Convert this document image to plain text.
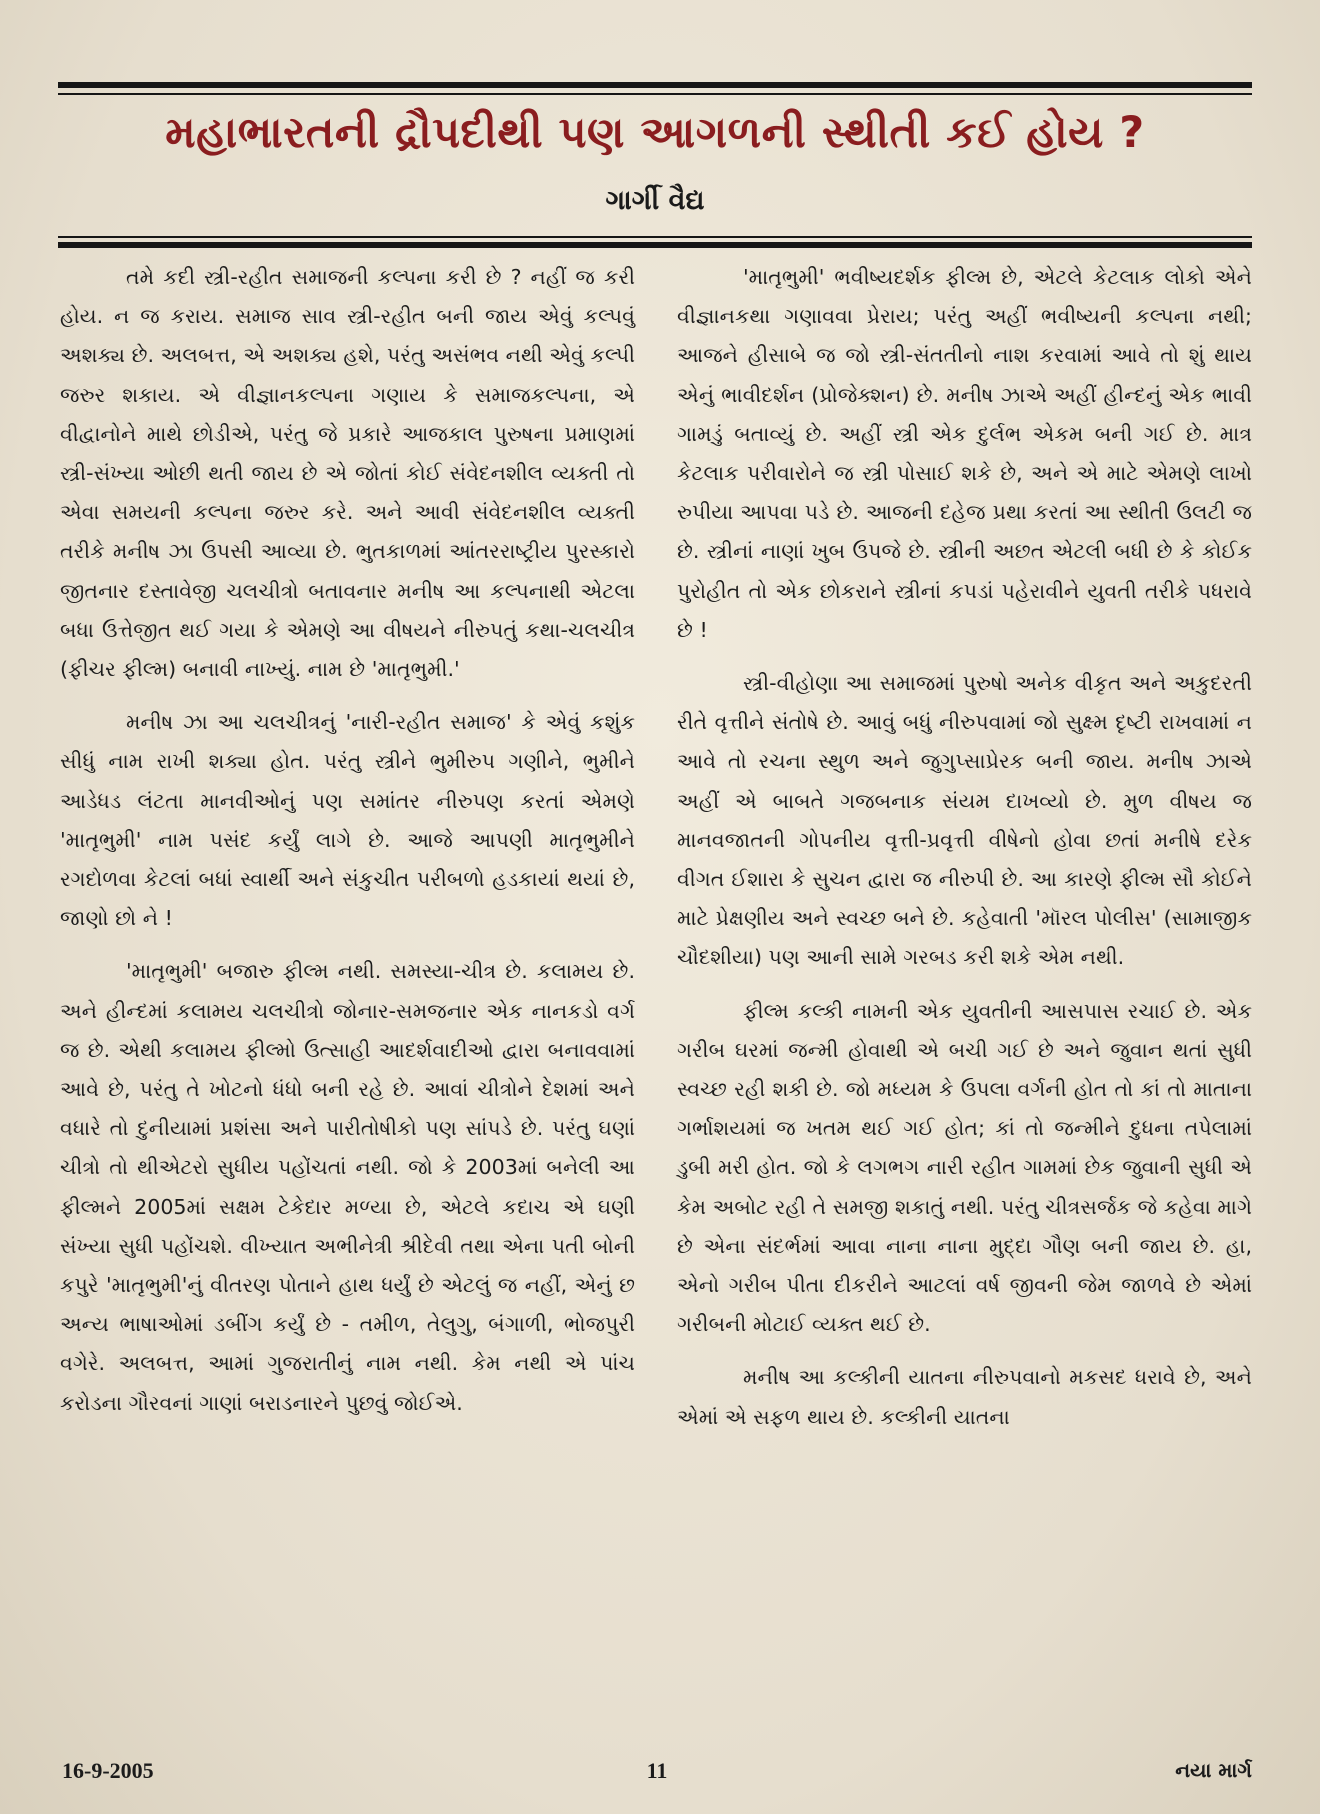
મહાભારતની દ્રૌપદીથી પણ આગળની સ્થીતી કઈ હોય ?
ગાર્ગી વૈદ્ય

તમે કદી સ્ત્રી-રહીત સમાજની કલ્પના કરી છે ? નહીં જ કરી હોય. ન જ કરાય. સમાજ સાવ સ્ત્રી-રહીત બની જાય એવું કલ્પવું અશક્ય છે. અલબત્ત, એ અશક્ય હશે, પરંતુ અસંભવ નથી એવું કલ્પી જરુર શકાય. એ વીજ્ઞાનકલ્પના ગણાય કે સમાજકલ્પના, એ વીદ્વાનોને માથે છોડીએ, પરંતુ જે પ્રકારે આજકાલ પુરુષના પ્રમાણમાં સ્ત્રી-સંખ્યા ઓછી થતી જાય છે એ જોતાં કોઈ સંવેદનશીલ વ્યક્તી તો એવા સમયની કલ્પના જરુર કરે. અને આવી સંવેદનશીલ વ્યક્તી તરીકે મનીષ ઝા ઉપસી આવ્યા છે. ભુતકાળમાં આંતરરાષ્ટ્રીય પુરસ્કારો જીતનાર દસ્તાવેજી ચલચીત્રો બતાવનાર મનીષ આ કલ્પનાથી એટલા બધા ઉત્તેજીત થઈ ગયા કે એમણે આ વીષયને નીરુપતું કથા-ચલચીત્ર (ફીચર ફીલ્મ) બનાવી નાખ્યું. નામ છે 'માતૃભુમી.'

મનીષ ઝા આ ચલચીત્રનું 'નારી-રહીત સમાજ' કે એવું કશુંક સીધું નામ રાખી શક્યા હોત. પરંતુ સ્ત્રીને ભુમીરુપ ગણીને, ભુમીને આડેધડ લંટતા માનવીઓનું પણ સમાંતર નીરુપણ કરતાં એમણે 'માતૃભુમી' નામ પસંદ કર્યું લાગે છે. આજે આપણી માતૃભુમીને રગદોળવા કેટલાં બધાં સ્વાર્થી અને સંકુચીત પરીબળો હડકાયાં થયાં છે, જાણો છો ને !

'માતૃભુમી' બજારુ ફીલ્મ નથી. સમસ્યા-ચીત્ર છે. કલામય છે. અને હીન્દમાં કલામય ચલચીત્રો જોનાર-સમજનાર એક નાનકડો વર્ગ જ છે. એથી કલામય ફીલ્મો ઉત્સાહી આદર્શવાદીઓ દ્વારા બનાવવામાં આવે છે, પરંતુ તે ખોટનો ધંધો બની રહે છે. આવાં ચીત્રોને દેશમાં અને વધારે તો દુનીયામાં પ્રશંસા અને પારીતોષીકો પણ સાંપડે છે. પરંતુ ઘણાં ચીત્રો તો થીએટરો સુધીય પહોંચતાં નથી. જો કે 2003માં બનેલી આ ફીલ્મને 2005માં સક્ષમ ટેકેદાર મળ્યા છે, એટલે કદાચ એ ઘણી સંખ્યા સુધી પહોંચશે. વીખ્યાત અભીનેત્રી શ્રીદેવી તથા એના પતી બોની કપુરે 'માતૃભુમી'નું વીતરણ પોતાને હાથ ધર્યું છે એટલું જ નહીં, એનું છ અન્ય ભાષાઓમાં ડબીંગ કર્યું છે - તમીળ, તેલુગુ, બંગાળી, ભોજપુરી વગેરે. અલબત્ત, આમાં ગુજરાતીનું નામ નથી. કેમ નથી એ પાંચ કરોડના ગૌરવનાં ગાણાં બરાડનારને પુછવું જોઈએ.

'માતૃભુમી' ભવીષ્યદર્શક ફીલ્મ છે, એટલે કેટલાક લોકો એને વીજ્ઞાનકથા ગણાવવા પ્રેરાય; પરંતુ અહીં ભવીષ્યની કલ્પના નથી; આજને હીસાબે જ જો સ્ત્રી-સંતતીનો નાશ કરવામાં આવે તો શું થાય એનું ભાવીદર્શન (પ્રોજેક્શન) છે. મનીષ ઝાએ અહીં હીન્દનું એક ભાવી ગામડું બતાવ્યું છે. અહીં સ્ત્રી એક દુર્લભ એકમ બની ગઈ છે. માત્ર કેટલાક પરીવારોને જ સ્ત્રી પોસાઈ શકે છે, અને એ માટે એમણે લાખો રુપીયા આપવા પડે છે. આજની દહેજ પ્રથા કરતાં આ સ્થીતી ઉલટી જ છે. સ્ત્રીનાં નાણાં ખુબ ઉપજે છે. સ્ત્રીની અછત એટલી બધી છે કે કોઈક પુરોહીત તો એક છોકરાને સ્ત્રીનાં કપડાં પહેરાવીને યુવતી તરીકે પધરાવે છે !

સ્ત્રી-વીહોણા આ સમાજમાં પુરુષો અનેક વીકૃત અને અકુદરતી રીતે વૃત્તીને સંતોષે છે. આવું બધું નીરુપવામાં જો સુક્ષ્મ દૃષ્ટી રાખવામાં ન આવે તો રચના સ્થુળ અને જુગુપ્સાપ્રેરક બની જાય. મનીષ ઝાએ અહીં એ બાબતે ગજબનાક સંયમ દાખવ્યો છે. મુળ વીષય જ માનવજાતની ગોપનીય વૃત્તી-પ્રવૃત્તી વીષેનો હોવા છતાં મનીષે દરેક વીગત ઈશારા કે સુચન દ્વારા જ નીરુપી છે. આ કારણે ફીલ્મ સૌ કોઈને માટે પ્રેક્ષણીય અને સ્વચ્છ બને છે. કહેવાતી 'મૉરલ પોલીસ' (સામાજીક ચૌદશીયા) પણ આની સામે ગરબડ કરી શકે એમ નથી.

ફીલ્મ કલ્કી નામની એક યુવતીની આસપાસ રચાઈ છે. એક ગરીબ ઘરમાં જન્મી હોવાથી એ બચી ગઈ છે અને જુવાન થતાં સુધી સ્વચ્છ રહી શકી છે. જો મધ્યમ કે ઉપલા વર્ગની હોત તો કાં તો માતાના ગર્ભાશયમાં જ ખતમ થઈ ગઈ હોત; કાં તો જન્મીને દુધના તપેલામાં ડુબી મરી હોત. જો કે લગભગ નારી રહીત ગામમાં છેક જુવાની સુધી એ કેમ અબોટ રહી તે સમજી શકાતું નથી. પરંતુ ચીત્રસર્જક જે કહેવા માગે છે એના સંદર્ભમાં આવા નાના નાના મુદ્દા ગૌણ બની જાય છે. હા, એનો ગરીબ પીતા દીકરીને આટલાં વર્ષ જીવની જેમ જાળવે છે એમાં ગરીબની મોટાઈ વ્યક્ત થઈ છે.

મનીષ આ કલ્કીની યાતના નીરુપવાનો મકસદ ધરાવે છે, અને એમાં એ સફળ થાય છે. કલ્કીની યાતના

16-9-2005	11	નયા માર્ગ
